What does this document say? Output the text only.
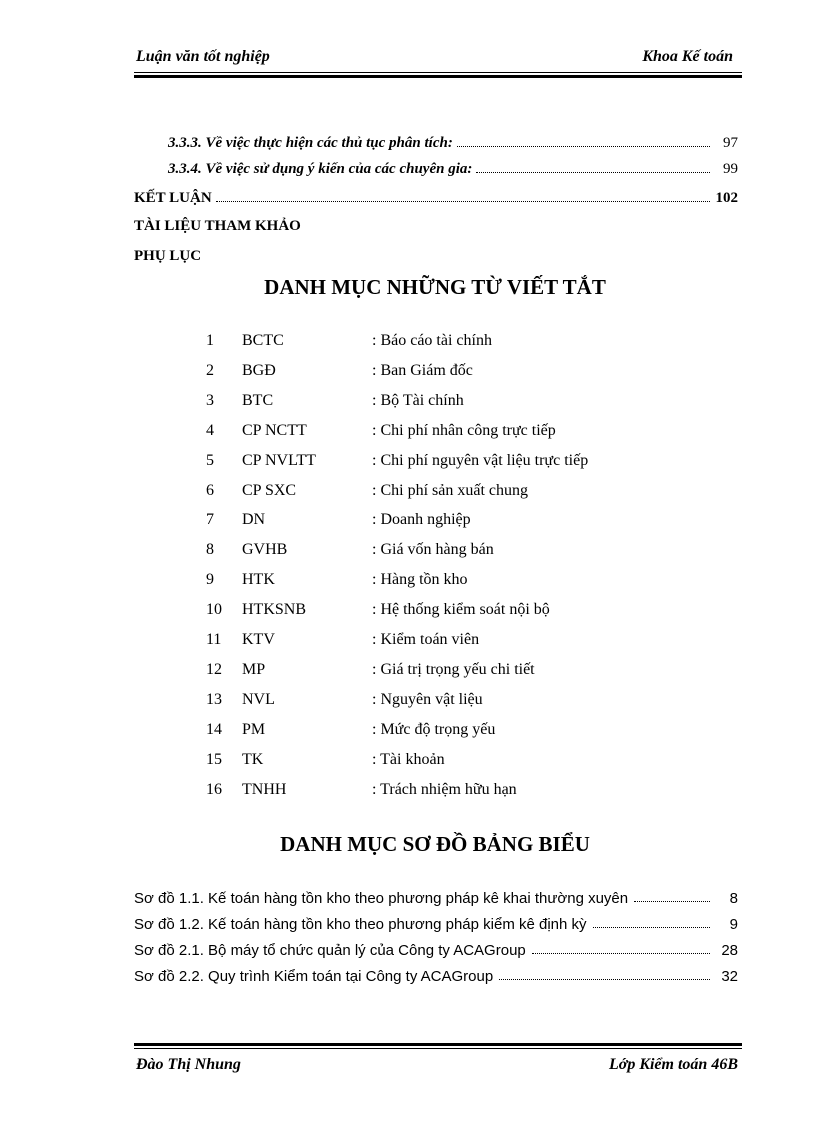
Luận văn tốt nghiệp	Khoa Kế toán
3.3.3. Về việc thực hiện các thủ tục phân tích:	97
3.3.4. Về việc sử dụng ý kiến của các chuyên gia:	99
KẾT LUẬN	102
TÀI LIỆU THAM KHẢO
PHỤ LỤC
DANH MỤC NHỮNG TỪ VIẾT TẮT
1 BCTC	: Báo cáo tài chính
2 BGĐ	: Ban Giám đốc
3 BTC	: Bộ Tài chính
4 CP NCTT	: Chi phí nhân công trực tiếp
5 CP NVLTT	: Chi phí nguyên vật liệu trực tiếp
6 CP SXC	: Chi phí sản xuất chung
7 DN	: Doanh nghiệp
8 GVHB	: Giá vốn hàng bán
9 HTK	: Hàng tồn kho
10 HTKSNB	: Hệ thống kiểm soát nội bộ
11 KTV	: Kiểm toán viên
12 MP	: Giá trị trọng yếu chi tiết
13 NVL	: Nguyên vật liệu
14 PM	: Mức độ trọng yếu
15 TK	: Tài khoản
16 TNHH	: Trách nhiệm hữu hạn
DANH MỤC SƠ ĐỒ BẢNG BIỂU
Sơ đồ 1.1. Kế toán hàng tồn kho theo phương pháp kê khai thường xuyên	8
Sơ đồ 1.2. Kế toán hàng tồn kho theo phương pháp kiểm kê định kỳ	9
Sơ đồ 2.1. Bộ máy tổ chức quản lý của Công ty ACAGroup	28
Sơ đồ 2.2. Quy trình Kiểm toán tại Công ty ACAGroup	32
Đào Thị Nhung	Lớp Kiểm toán 46B
